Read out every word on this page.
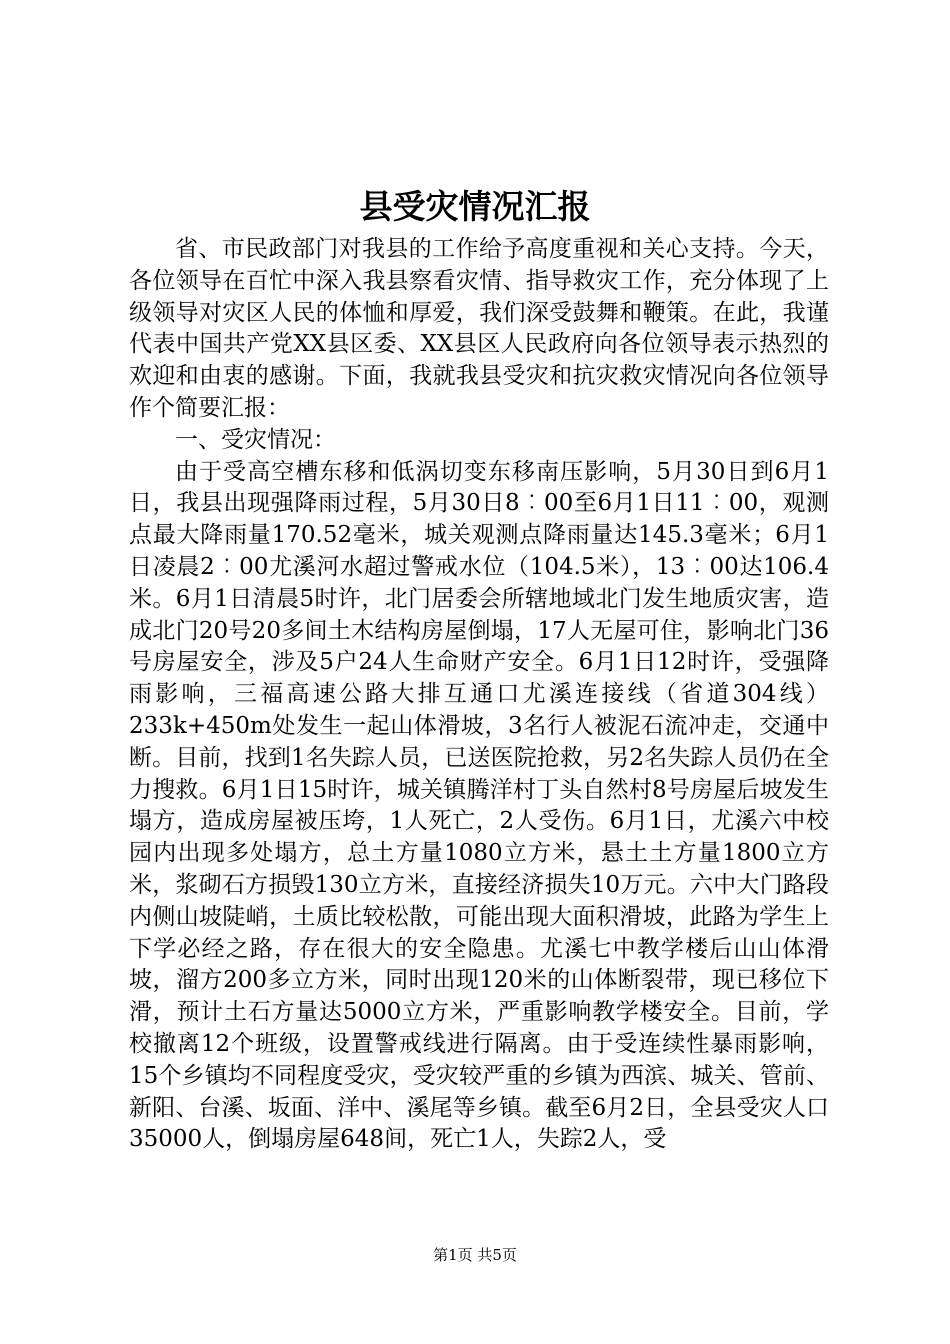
县受灾情况汇报

省、市民政部门对我县的工作给予高度重视和关心支持。今天，各位领导在百忙中深入我县察看灾情、指导救灾工作，充分体现了上级领导对灾区人民的体恤和厚爱，我们深受鼓舞和鞭策。在此，我谨代表中国共产党XX县区委、XX县区人民政府向各位领导表示热烈的欢迎和由衷的感谢。下面，我就我县受灾和抗灾救灾情况向各位领导作个简要汇报：

一、受灾情况：

由于受高空槽东移和低涡切变东移南压影响，5月30日到6月1日，我县出现强降雨过程，5月30日8︰00至6月1日11︰00，观测点最大降雨量170.52毫米，城关观测点降雨量达145.3毫米；6月1日凌晨2︰00尤溪河水超过警戒水位（104.5米），13︰00达106.4米。6月1日清晨5时许，北门居委会所辖地域北门发生地质灾害，造成北门20号20多间土木结构房屋倒塌，17人无屋可住，影响北门36号房屋安全，涉及5户24人生命财产安全。6月1日12时许，受强降雨影响，三福高速公路大排互通口尤溪连接线（省道304线）233k+450m处发生一起山体滑坡，3名行人被泥石流冲走，交通中断。目前，找到1名失踪人员，已送医院抢救，另2名失踪人员仍在全力搜救。6月1日15时许，城关镇腾洋村丁头自然村8号房屋后坡发生塌方，造成房屋被压垮，1人死亡，2人受伤。6月1日，尤溪六中校园内出现多处塌方，总土方量1080立方米，悬土土方量1800立方米，浆砌石方损毁130立方米，直接经济损失10万元。六中大门路段内侧山坡陡峭，土质比较松散，可能出现大面积滑坡，此路为学生上下学必经之路，存在很大的安全隐患。尤溪七中教学楼后山山体滑坡，溜方200多立方米，同时出现120米的山体断裂带，现已移位下滑，预计土石方量达5000立方米，严重影响教学楼安全。目前，学校撤离12个班级，设置警戒线进行隔离。由于受连续性暴雨影响，15个乡镇均不同程度受灾，受灾较严重的乡镇为西滨、城关、管前、新阳、台溪、坂面、洋中、溪尾等乡镇。截至6月2日，全县受灾人口35000人，倒塌房屋648间，死亡1人，失踪2人，受

第1页 共5页
